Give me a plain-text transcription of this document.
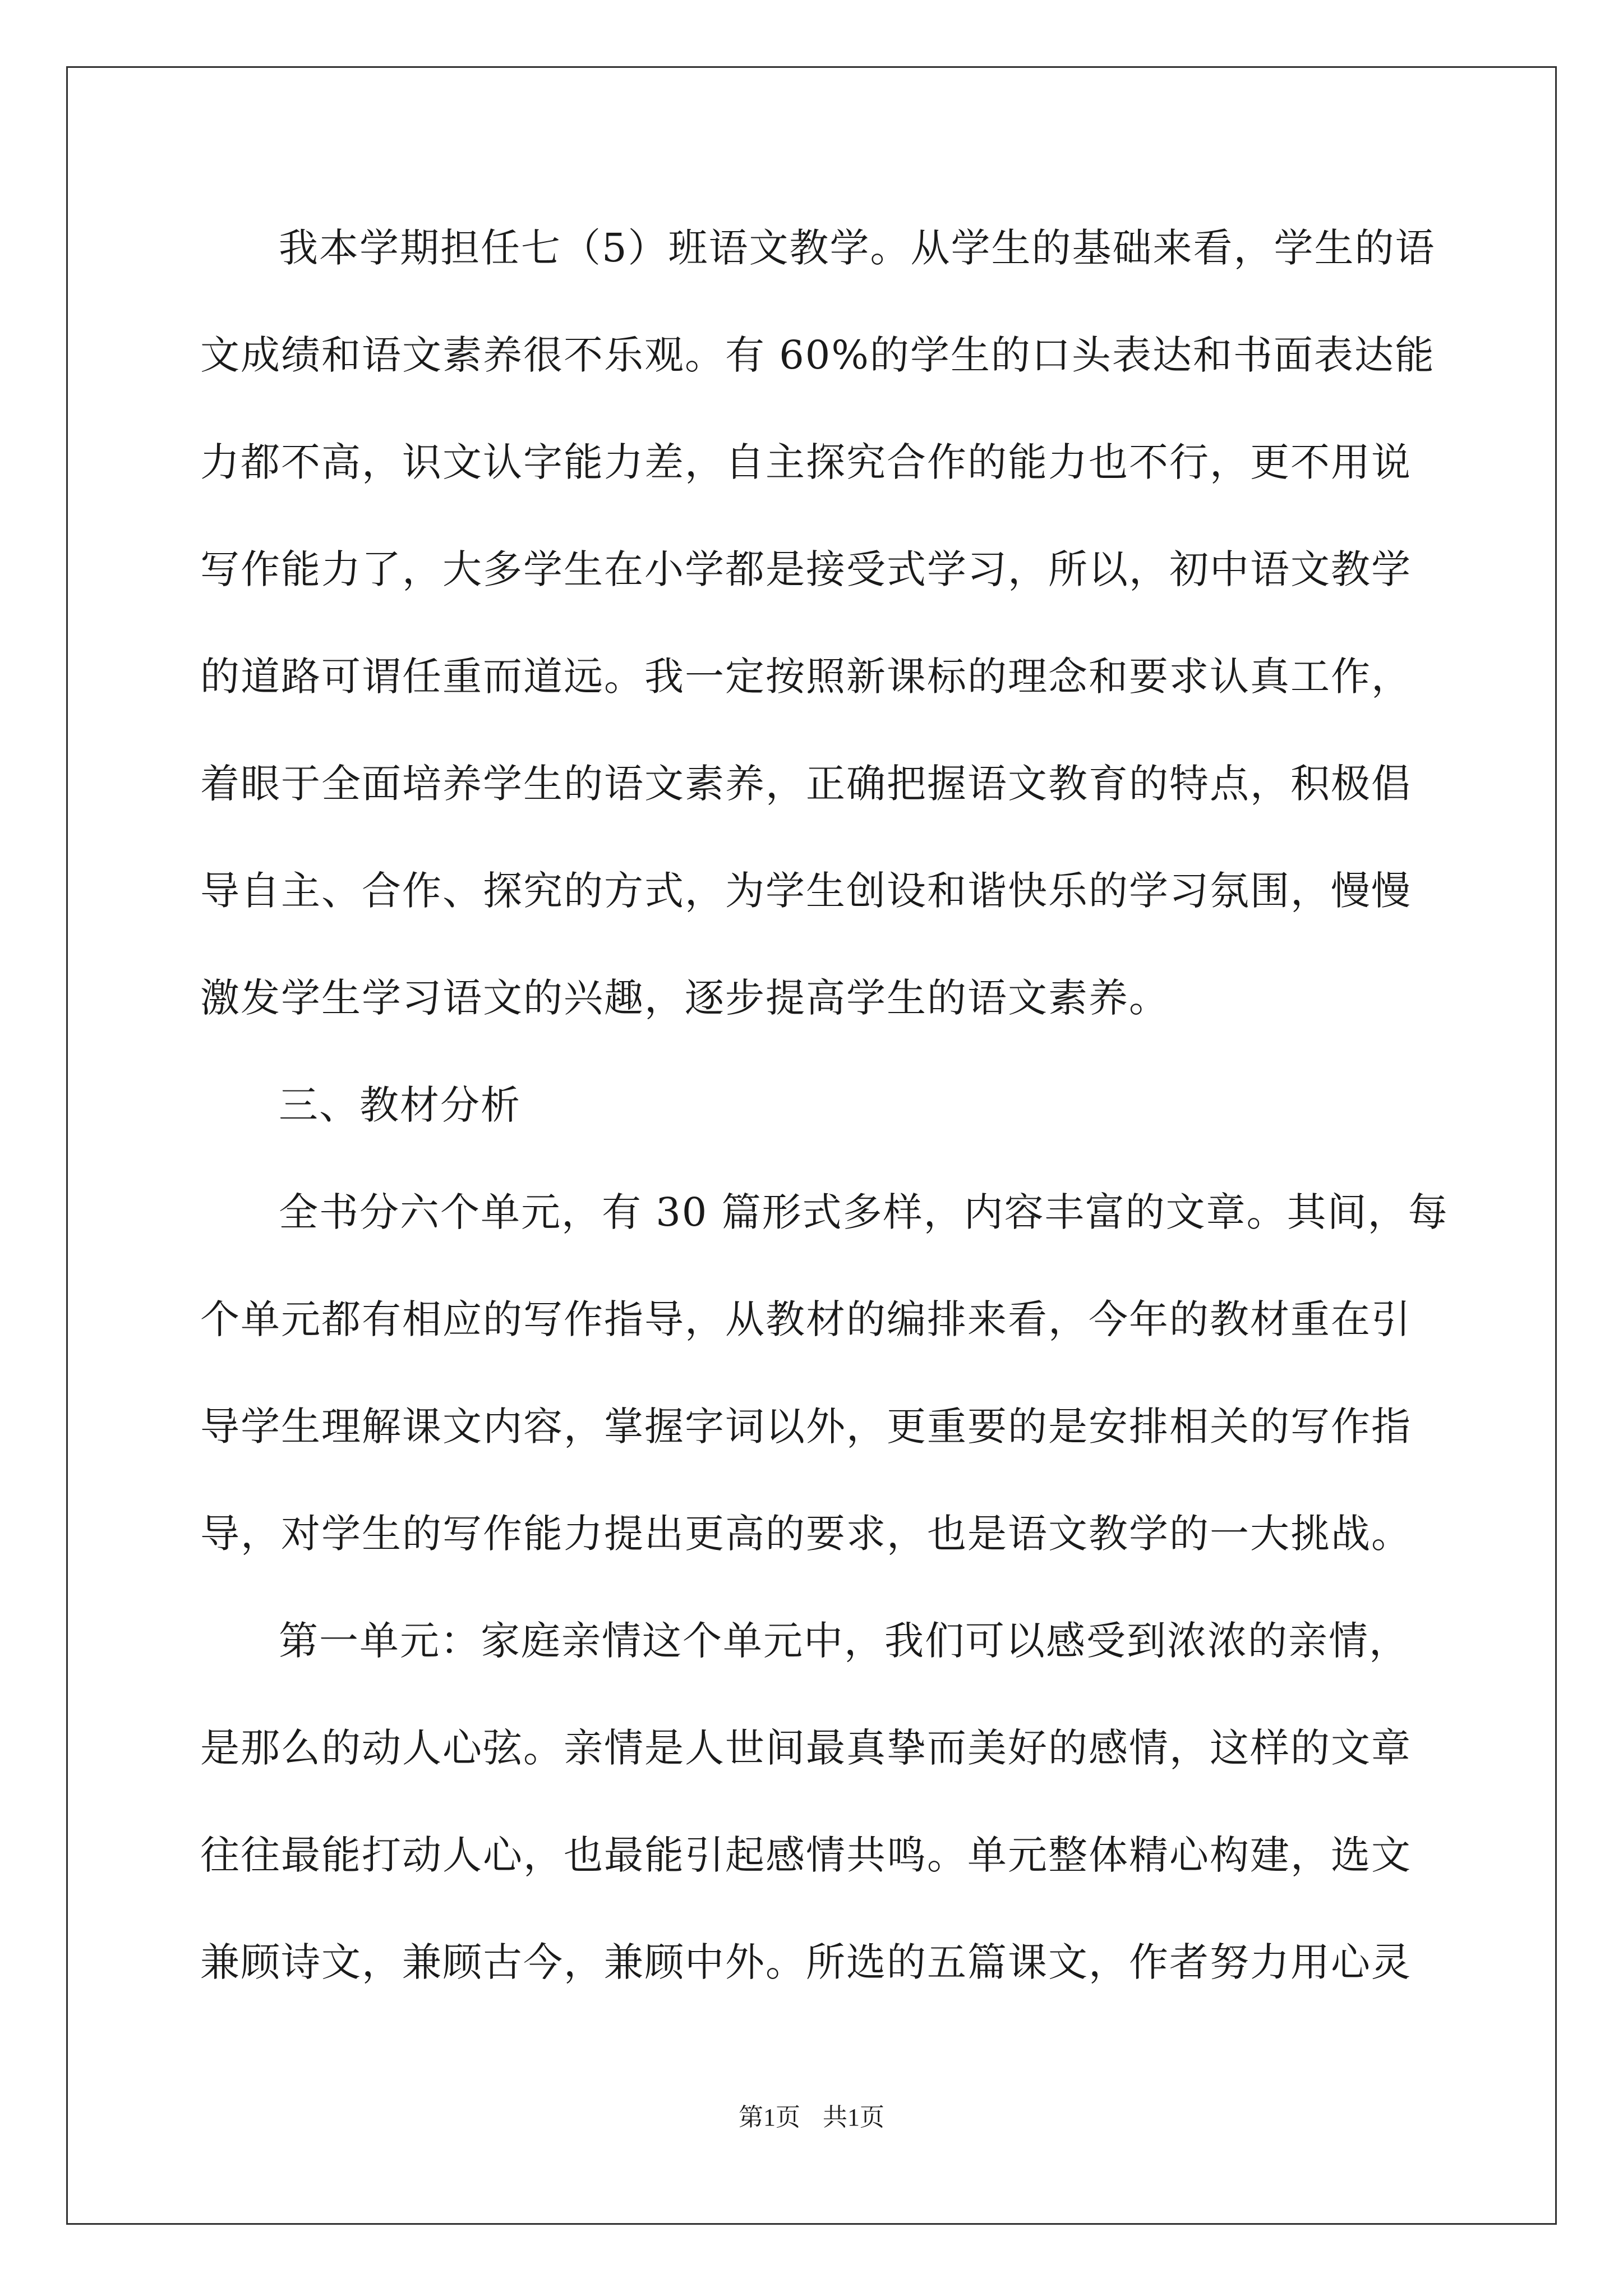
我本学期担任七（5）班语文教学。从学生的基础来看，学生的语
文成绩和语文素养很不乐观。有 60%的学生的口头表达和书面表达能
力都不高，识文认字能力差，自主探究合作的能力也不行，更不用说
写作能力了，大多学生在小学都是接受式学习，所以，初中语文教学
的道路可谓任重而道远。我一定按照新课标的理念和要求认真工作，
着眼于全面培养学生的语文素养，正确把握语文教育的特点，积极倡
导自主、合作、探究的方式，为学生创设和谐快乐的学习氛围，慢慢
激发学生学习语文的兴趣，逐步提高学生的语文素养。
三、教材分析
全书分六个单元，有 30 篇形式多样，内容丰富的文章。其间，每
个单元都有相应的写作指导，从教材的编排来看，今年的教材重在引
导学生理解课文内容，掌握字词以外，更重要的是安排相关的写作指
导，对学生的写作能力提出更高的要求，也是语文教学的一大挑战。
第一单元：家庭亲情这个单元中，我们可以感受到浓浓的亲情，
是那么的动人心弦。亲情是人世间最真挚而美好的感情，这样的文章
往往最能打动人心，也最能引起感情共鸣。单元整体精心构建，选文
兼顾诗文，兼顾古今，兼顾中外。所选的五篇课文，作者努力用心灵
第1页 共1页
